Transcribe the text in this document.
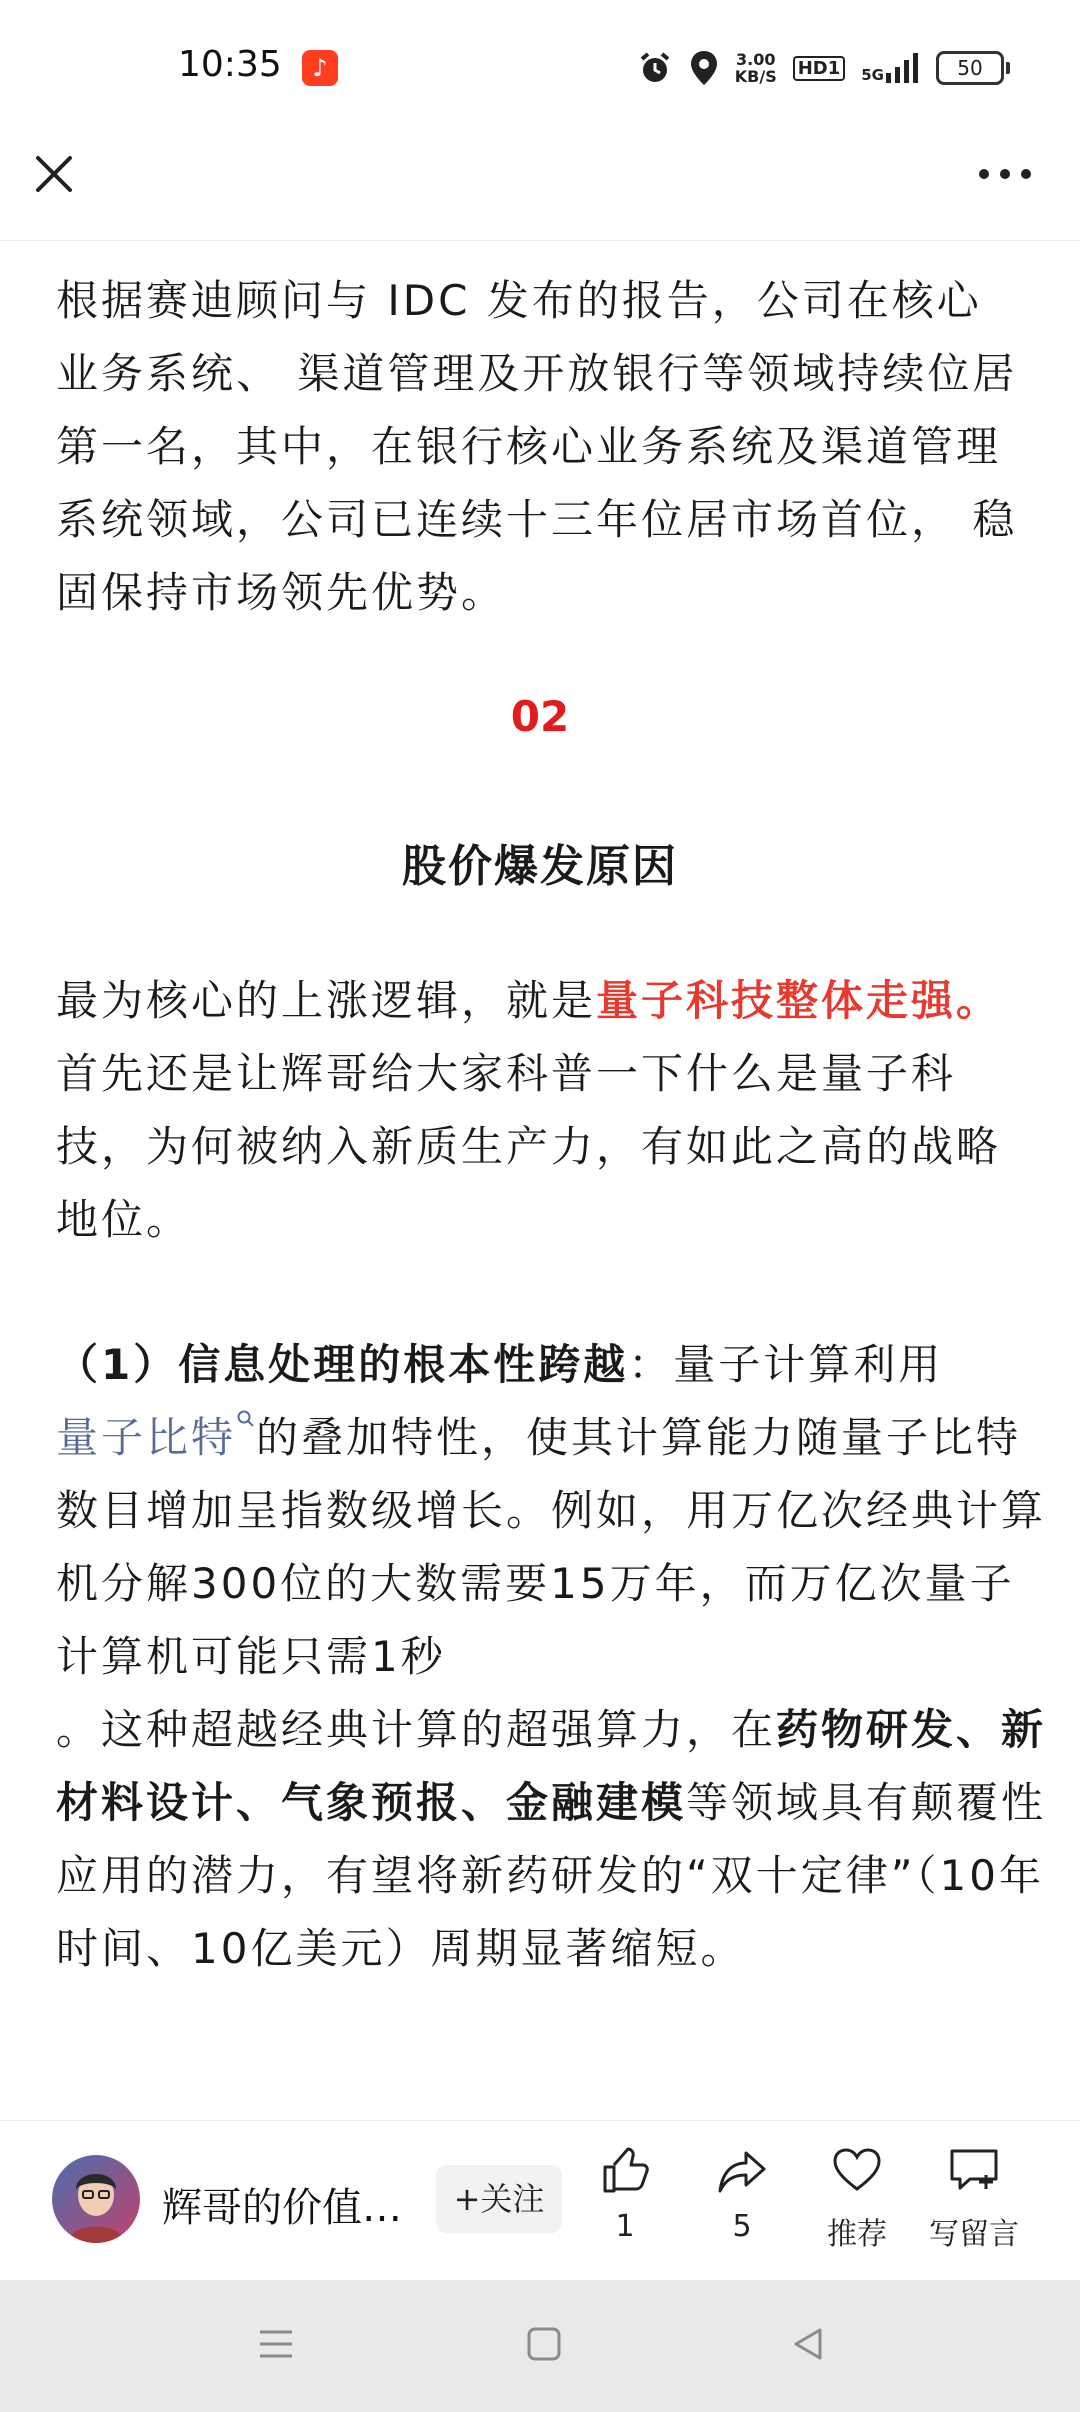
10:35	♪	3.00
KB/S HD1	5G	50

根据赛迪顾问与 IDC 发布的报告，公司在核心业务系统、 渠道管理及开放银行等领域持续位居第一名，其中，在银行核心业务系统及渠道管理系统领域，公司已连续十三年位居市场首位， 稳固保持市场领先优势。

02
股价爆发原因

最为核心的上涨逻辑，就是量子科技整体走强。首先还是让辉哥给大家科普一下什么是量子科技，为何被纳入新质生产力，有如此之高的战略地位。

（1）信息处理的根本性跨越：量子计算利用
量子比特 的叠加特性，使其计算能力随量子比特数目增加呈指数级增长。例如，用万亿次经典计算机分解300位的大数需要15万年，而万亿次量子计算机可能只需1秒
。这种超越经典计算的超强算力，在药物研发、新材料设计、气象预报、金融建模等领域具有颠覆性应用的潜力，有望将新药研发的“双十定律”（10年时间、10亿美元）周期显著缩短。

辉哥的价值…	+关注
1	5	推荐	写留言
